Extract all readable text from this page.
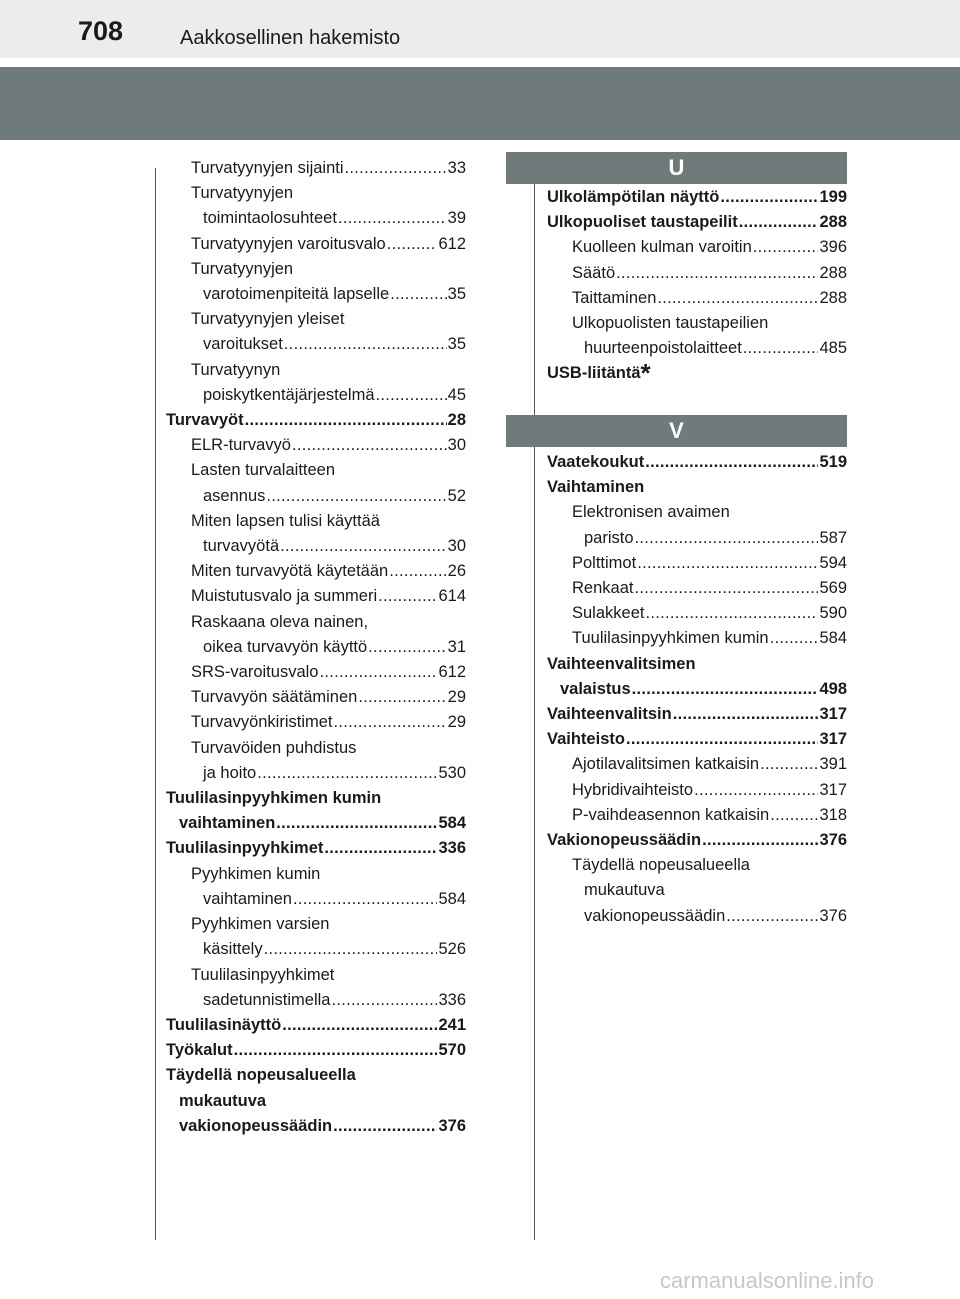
708	Aakkosellinen hakemisto
Turvatyynyjen sijainti .....	33
Turvatyynyjen
toimintaolosuhteet .....	39
Turvatyynyjen varoitusvalo .....	612
Turvatyynyjen
varotoimenpiteitä lapselle .....	35
Turvatyynyjen yleiset
varoitukset .....	35
Turvatyynyn
poiskytkentäjärjestelmä .....	45
Turvavyöt .....	28
ELR-turvavyö .....	30
Lasten turvalaitteen
asennus .....	52
Miten lapsen tulisi käyttää
turvavyötä .....	30
Miten turvavyötä käytetään .....	26
Muistutusvalo ja summeri .....	614
Raskaana oleva nainen,
oikea turvavyön käyttö .....	31
SRS-varoitusvalo .....	612
Turvavyön säätäminen .....	29
Turvavyönkiristimet .....	29
Turvavöiden puhdistus
ja hoito .....	530
Tuulilasinpyyhkimen kumin
vaihtaminen .....	584
Tuulilasinpyyhkimet .....	336
Pyyhkimen kumin
vaihtaminen .....	584
Pyyhkimen varsien
käsittely .....	526
Tuulilasinpyyhkimet
sadetunnistimella .....	336
Tuulilasinäyttö .....	241
Työkalut .....	570
Täydellä nopeusalueella
mukautuva
vakionopeussäädin .....	376
U
Ulkolämpötilan näyttö .....	199
Ulkopuoliset taustapeilit .....	288
Kuolleen kulman varoitin .....	396
Säätö .....	288
Taittaminen .....	288
Ulkopuolisten taustapeilien
huurteenpoistolaitteet .....	485
USB-liitäntä*
V
Vaatekoukut .....	519
Vaihtaminen
Elektronisen avaimen
paristo .....	587
Polttimot .....	594
Renkaat .....	569
Sulakkeet .....	590
Tuulilasinpyyhkimen kumin .....	584
Vaihteenvalitsimen
valaistus .....	498
Vaihteenvalitsin .....	317
Vaihteisto .....	317
Ajotilavalitsimen katkaisin .....	391
Hybridivaihteisto .....	317
P-vaihdeasennon katkaisin .....	318
Vakionopeussäädin .....	376
Täydellä nopeusalueella
mukautuva
vakionopeussäädin .....	376
carmanualsonline.info
